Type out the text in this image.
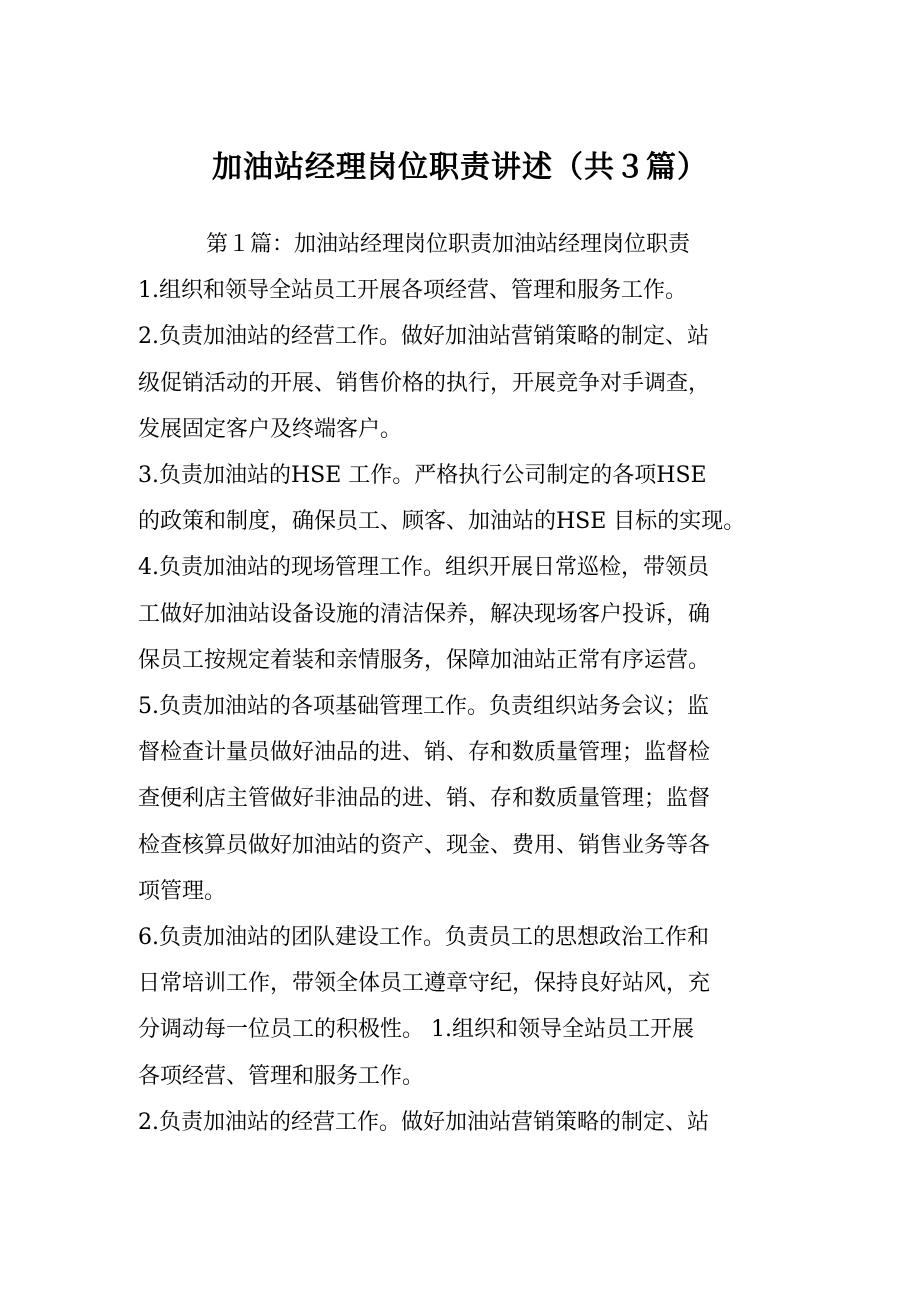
加油站经理岗位职责讲述（共３篇）

第１篇：加油站经理岗位职责加油站经理岗位职责

1.组织和领导全站员工开展各项经营、管理和服务工作。

2.负责加油站的经营工作。做好加油站营销策略的制定、站

级促销活动的开展、销售价格的执行，开展竞争对手调查，

发展固定客户及终端客户。

3.负责加油站的HSE 工作。严格执行公司制定的各项HSE

的政策和制度，确保员工、顾客、加油站的HSE 目标的实现。

4.负责加油站的现场管理工作。组织开展日常巡检，带领员

工做好加油站设备设施的清洁保养，解决现场客户投诉，确

保员工按规定着装和亲情服务，保障加油站正常有序运营。

5.负责加油站的各项基础管理工作。负责组织站务会议；监

督检查计量员做好油品的进、销、存和数质量管理；监督检

查便利店主管做好非油品的进、销、存和数质量管理；监督

检查核算员做好加油站的资产、现金、费用、销售业务等各

项管理。

6.负责加油站的团队建设工作。负责员工的思想政治工作和

日常培训工作，带领全体员工遵章守纪，保持良好站风，充

分调动每一位员工的积极性。 1.组织和领导全站员工开展

各项经营、管理和服务工作。

2.负责加油站的经营工作。做好加油站营销策略的制定、站
